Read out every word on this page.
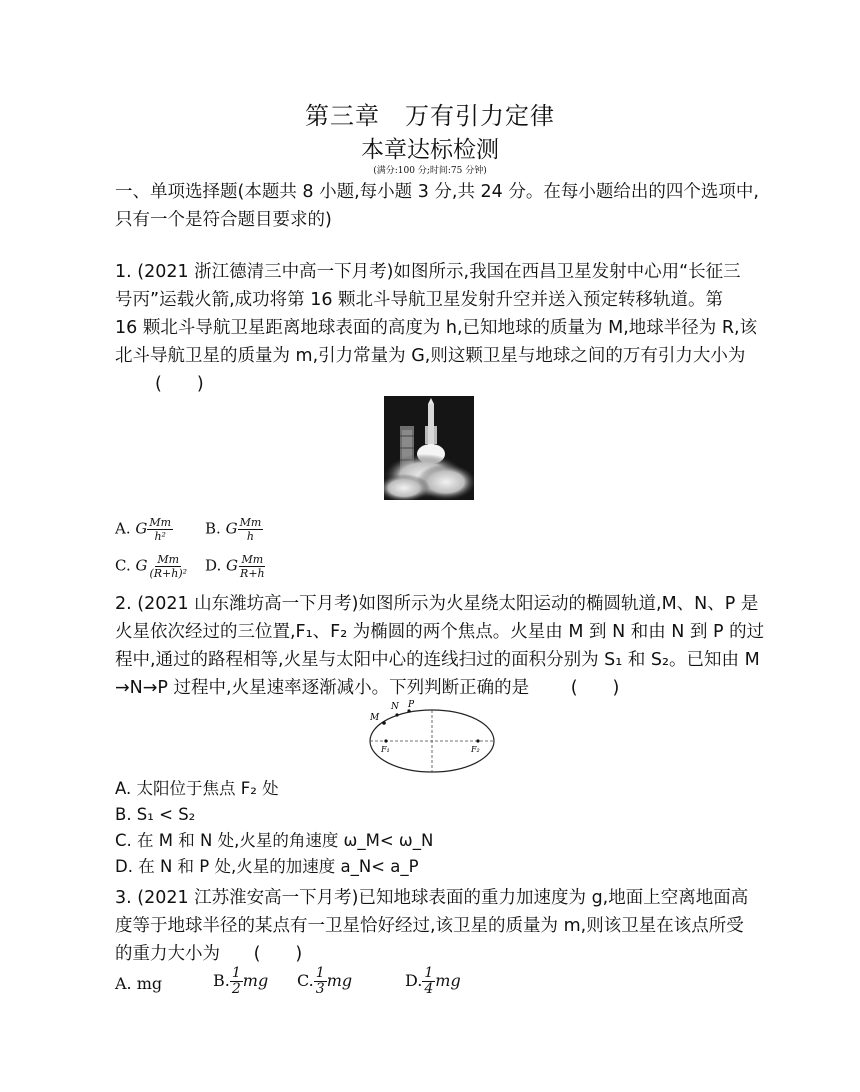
第三章　万有引力定律
本章达标检测
(满分:100 分;时间:75 分钟)
一、单项选择题(本题共 8 小题,每小题 3 分,共 24 分。在每小题给出的四个选项中,
只有一个是符合题目要求的)
1. (2021 浙江德清三中高一下月考)如图所示,我国在西昌卫星发射中心用“长征三
号丙”运载火箭,成功将第 16 颗北斗导航卫星发射升空并送入预定转移轨道。第
16 颗北斗导航卫星距离地球表面的高度为 h,已知地球的质量为 M,地球半径为 R,该
北斗导航卫星的质量为 m,引力常量为 G,则这颗卫星与地球之间的万有引力大小为
(　　)
A. G $\frac{Mm}{\text{h²}} B$. G $\frac{Mm}{h}$
C. G $\frac{Mm}{\text{(R+h)²}} D$. G $\frac{Mm}{R+h}$
2. (2021 山东潍坊高一下月考)如图所示为火星绕太阳运动的椭圆轨道,M、N、P 是
火星依次经过的三位置,F₁、F₂ 为椭圆的两个焦点。火星由 M 到 N 和由 N 到 P 的过
程中,通过的路程相等,火星与太阳中心的连线扫过的面积分别为 S₁ 和 S₂。已知由 M
→N→P 过程中,火星速率逐渐减小。下列判断正确的是 (　　)
M
N P
F₁	F₂
A. 太阳位于焦点 F₂ 处
B. S₁ < S₂
C. 在 M 和 N 处,火星的角速度 ω_M< ω_N
D. 在 N 和 P 处,火星的加速度 a_N< a_P
3. (2021 江苏淮安高一下月考)已知地球表面的重力加速度为 g,地面上空离地面高
度等于地球半径的某点有一卫星恰好经过,该卫星的质量为 m,则该卫星在该点所受
的重力大小为 (　　)
A. mg	B. $\frac{1}{2}$ mg C. $\frac{1}{3}$ mg	D. $\frac{1}{4}$ mg
